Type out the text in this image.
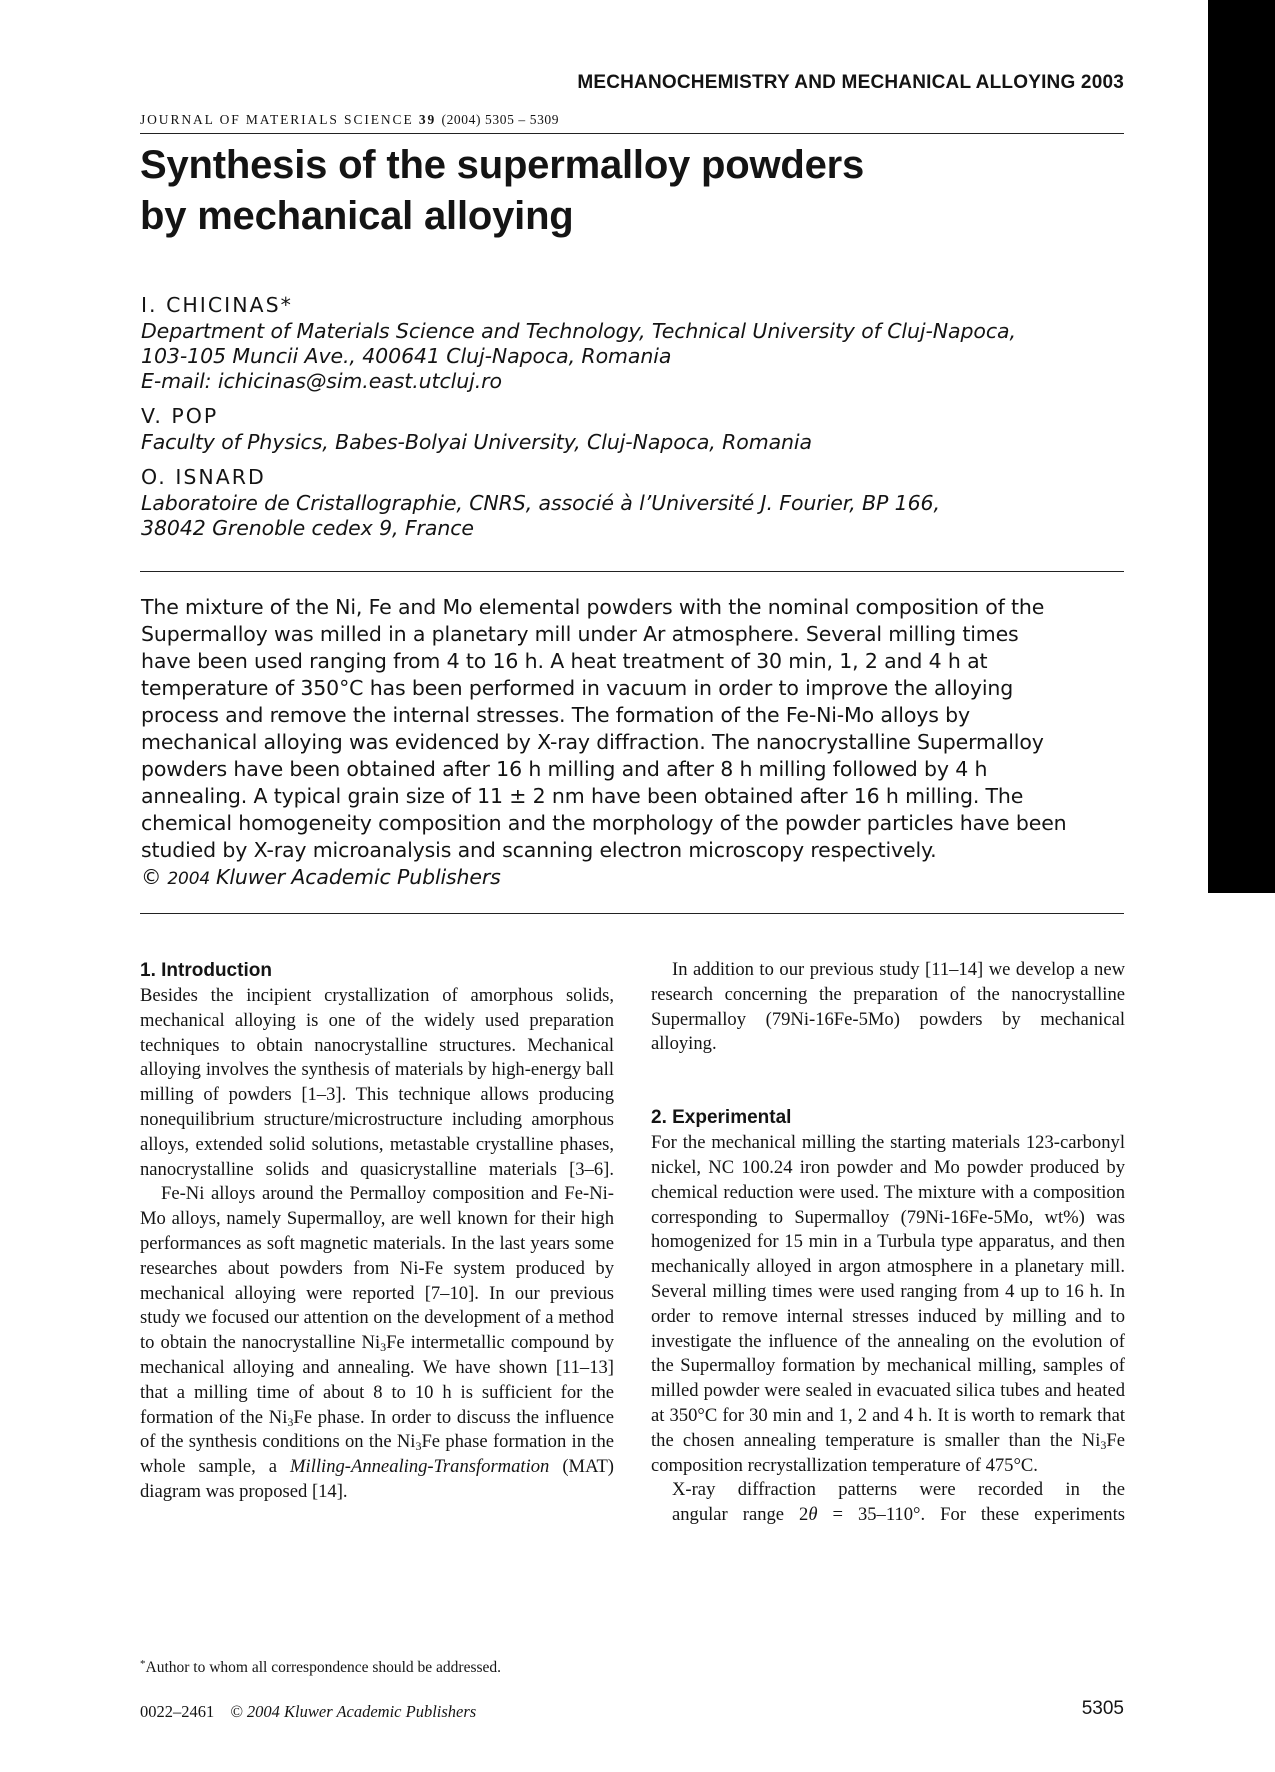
MECHANOCHEMISTRY AND MECHANICAL ALLOYING 2003
JOURNAL OF MATERIALS SCIENCE 39 (2004) 5305 – 5309
Synthesis of the supermalloy powders
by mechanical alloying
I. CHICINAS*
Department of Materials Science and Technology, Technical University of Cluj-Napoca,
103-105 Muncii Ave., 400641 Cluj-Napoca, Romania
E-mail: ichicinas@sim.east.utcluj.ro
V. POP
Faculty of Physics, Babes-Bolyai University, Cluj-Napoca, Romania
O. ISNARD
Laboratoire de Cristallographie, CNRS, associé à l’Université J. Fourier, BP 166,
38042 Grenoble cedex 9, France
The mixture of the Ni, Fe and Mo elemental powders with the nominal composition of the
Supermalloy was milled in a planetary mill under Ar atmosphere. Several milling times
have been used ranging from 4 to 16 h. A heat treatment of 30 min, 1, 2 and 4 h at
temperature of 350°C has been performed in vacuum in order to improve the alloying
process and remove the internal stresses. The formation of the Fe-Ni-Mo alloys by
mechanical alloying was evidenced by X-ray diffraction. The nanocrystalline Supermalloy
powders have been obtained after 16 h milling and after 8 h milling followed by 4 h
annealing. A typical grain size of 11 ± 2 nm have been obtained after 16 h milling. The
chemical homogeneity composition and the morphology of the powder particles have been
studied by X-ray microanalysis and scanning electron microscopy respectively.
© 2004 Kluwer Academic Publishers
1. Introduction

Besides the incipient crystallization of amorphous solids, mechanical alloying is one of the widely used preparation techniques to obtain nanocrystalline structures. Mechanical alloying involves the synthesis of materials by high-energy ball milling of powders [1–3]. This technique allows producing nonequilibrium structure/microstructure including amorphous alloys, extended solid solutions, metastable crystalline phases, nanocrystalline solids and quasicrystalline materials [3–6].

Fe-Ni alloys around the Permalloy composition and Fe-Ni-Mo alloys, namely Supermalloy, are well known for their high performances as soft magnetic materials. In the last years some researches about powders from Ni-Fe system produced by mechanical alloying were reported [7–10]. In our previous study we focused our attention on the development of a method to obtain the nanocrystalline $Ni_3Fe$ intermetallic compound by mechanical alloying and annealing. We have shown [11–13] that a milling time of about 8 to 10 h is sufficient for the formation of the $Ni_3Fe$ phase. In order to discuss the influence of the synthesis conditions on the $Ni_3Fe$ phase formation in the whole sample, a Milling-Annealing-Transformation (MAT) diagram was proposed [14].

In addition to our previous study [11–14] we develop a new research concerning the preparation of the nanocrystalline Supermalloy (79Ni-16Fe-5Mo) powders by mechanical alloying.

2. Experimental

For the mechanical milling the starting materials 123-carbonyl nickel, NC 100.24 iron powder and Mo powder produced by chemical reduction were used. The mixture with a composition corresponding to Supermalloy (79Ni-16Fe-5Mo, wt%) was homogenized for 15 min in a Turbula type apparatus, and then mechanically alloyed in argon atmosphere in a planetary mill. Several milling times were used ranging from 4 up to 16 h. In order to remove internal stresses induced by milling and to investigate the influence of the annealing on the evolution of the Supermalloy formation by mechanical milling, samples of milled powder were sealed in evacuated silica tubes and heated at 350°C for 30 min and 1, 2 and 4 h. It is worth to remark that the chosen annealing temperature is smaller than the $Ni_3Fe$ composition recrystallization temperature of 475°C.

X-ray diffraction patterns were recorded in the
angular range 2θ = 35–110°. For these experiments

*Author to whom all correspondence should be addressed.
0022–2461 © 2004 Kluwer Academic Publishers	5305
